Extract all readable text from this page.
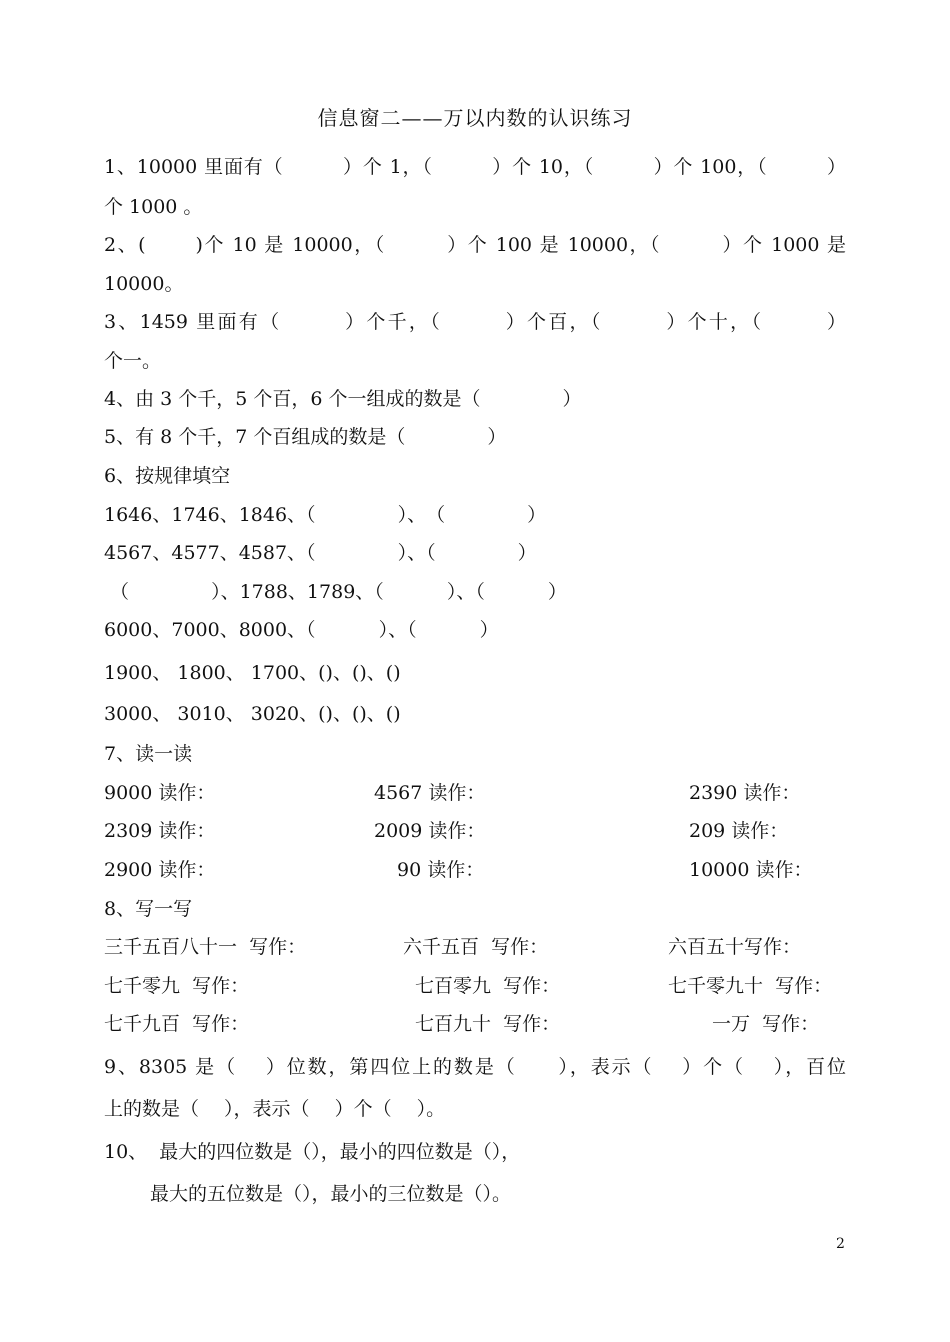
信息窗二——万以内数的认识练习
1、10000 里面有（　　　）个 1，（　　　）个 10，（　　　）个 100，（　　　）
个 1000 。
2、(　　 )个 10 是 10000，（　　　）个 100 是 10000，（　　　）个 1000 是
10000。
3、1459 里面有（　　　）个千，（　　　）个百，（　　　）个十，（　　　）
个一。
4、由 3 个千，5 个百，6 个一组成的数是（　　　　 ）
5、有 8 个千，7 个百组成的数是（　　　　 ）
6、按规律填空
1646、1746、1846、（　　　　 ）、　（　　　　 ）
4567、4577、4587、（　　　　 ）、（　　　　 ）
（　　　　 ）、1788、1789、（　　　 ）、（　　　 ）
6000、7000、8000、（　　　 ）、（　　　 ）
1900、 1800、 1700、()、()、()
3000、 3010、 3020、()、()、()
7、读一读
9000 读作：	4567 读作：	2390 读作：
2309 读作：	2009 读作：	209 读作：
2900 读作：	90 读作：	10000 读作：
8、写一写
三千五百八十一  写作：	六千五百  写作：	六百五十写作：
七千零九  写作：	七百零九  写作：	七千零九十  写作：
七千九百  写作：	七百九十  写作：	一万  写作：
9、8305 是（　 ）位数，第四位上的数是（　　），表示（　 ）个（　 ），百位
上的数是（　 ），表示（　 ）个（　 ）。
10、  最大的四位数是（），最小的四位数是（），
最大的五位数是（），最小的三位数是（）。
2
